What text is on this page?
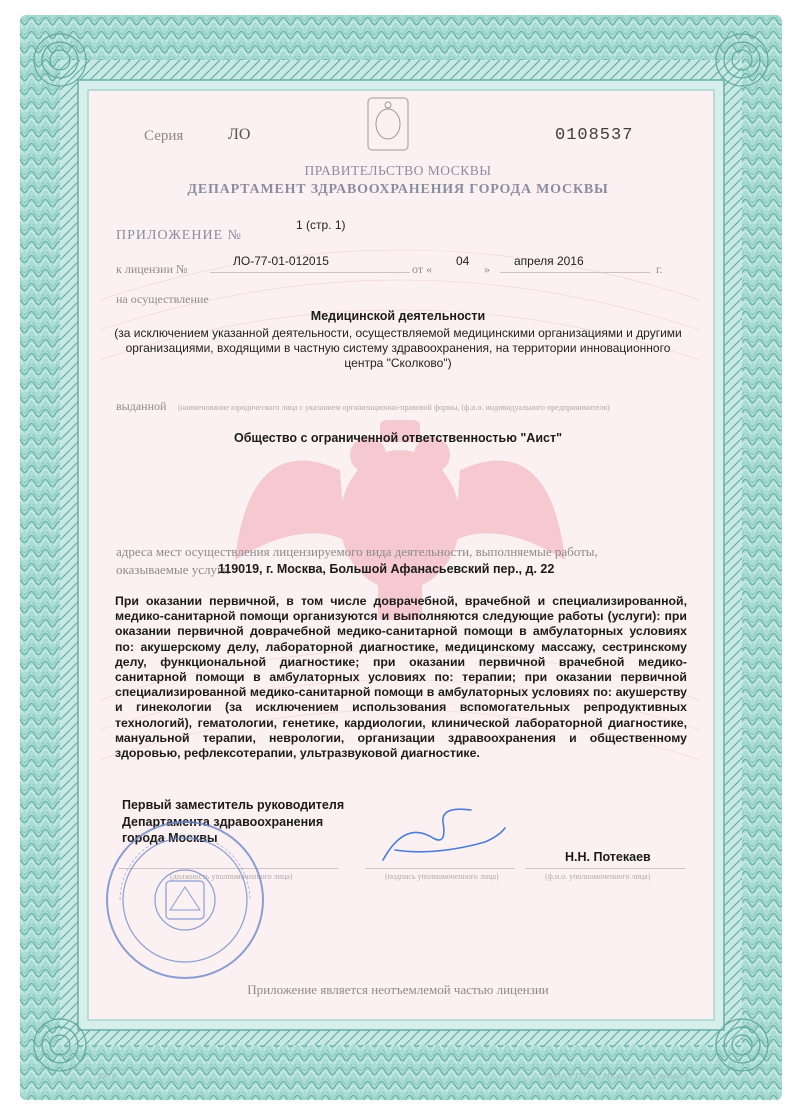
Серия	ЛО	0108537
ПРАВИТЕЛЬСТВО МОСКВЫ
ДЕПАРТАМЕНТ ЗДРАВООХРАНЕНИЯ ГОРОДА МОСКВЫ
ПРИЛОЖЕНИЕ №
1 (стр. 1)
к лицензии №
ЛО-77-01-012015
от «
04
»
апреля 2016
г.
на осуществление
Медицинской деятельности
(за исключением указанной деятельности, осуществляемой медицинскими организациями и другими организациями, входящими в частную систему здравоохранения, на территории инновационного центра "Сколково")
выданной (наименование юридического лица с указанием организационно-правовой формы, (ф.и.о. индивидуального предпринимателя)
Общество с ограниченной ответственностью "Аист"
адреса мест осуществления лицензируемого вида деятельности, выполняемые работы,
оказываемые услуги
119019, г. Москва, Большой Афанасьевский пер., д. 22
При оказании первичной, в том числе доврачебной, врачебной и специализированной, медико-санитарной помощи организуются и выполняются следующие работы (услуги): при оказании первичной доврачебной медико-санитарной помощи в амбулаторных условиях по: акушерскому делу, лабораторной диагностике, медицинскому массажу, сестринскому делу, функциональной диагностике; при оказании первичной врачебной медико-санитарной помощи в амбулаторных условиях по: терапии; при оказании первичной специализированной медико-санитарной помощи в амбулаторных условиях по: акушерству и гинекологии (за исключением использования вспомогательных репродуктивных технологий), гематологии, генетике, кардиологии, клинической лабораторной диагностике, мануальной терапии, неврологии, организации здравоохранения и общественному здоровью, рефлексотерапии, ультразвуковой диагностике.
Первый заместитель руководителя Департамента здравоохранения города Москвы
Н.Н. Потекаев
(должность уполномоченного лица)	(подпись уполномоченного лица)	(ф.и.о. уполномоченного лица)
Приложение является неотъемлемой частью лицензии
93078	ООО «АРТТИК» г. Москва, 2015 год, уровень В
